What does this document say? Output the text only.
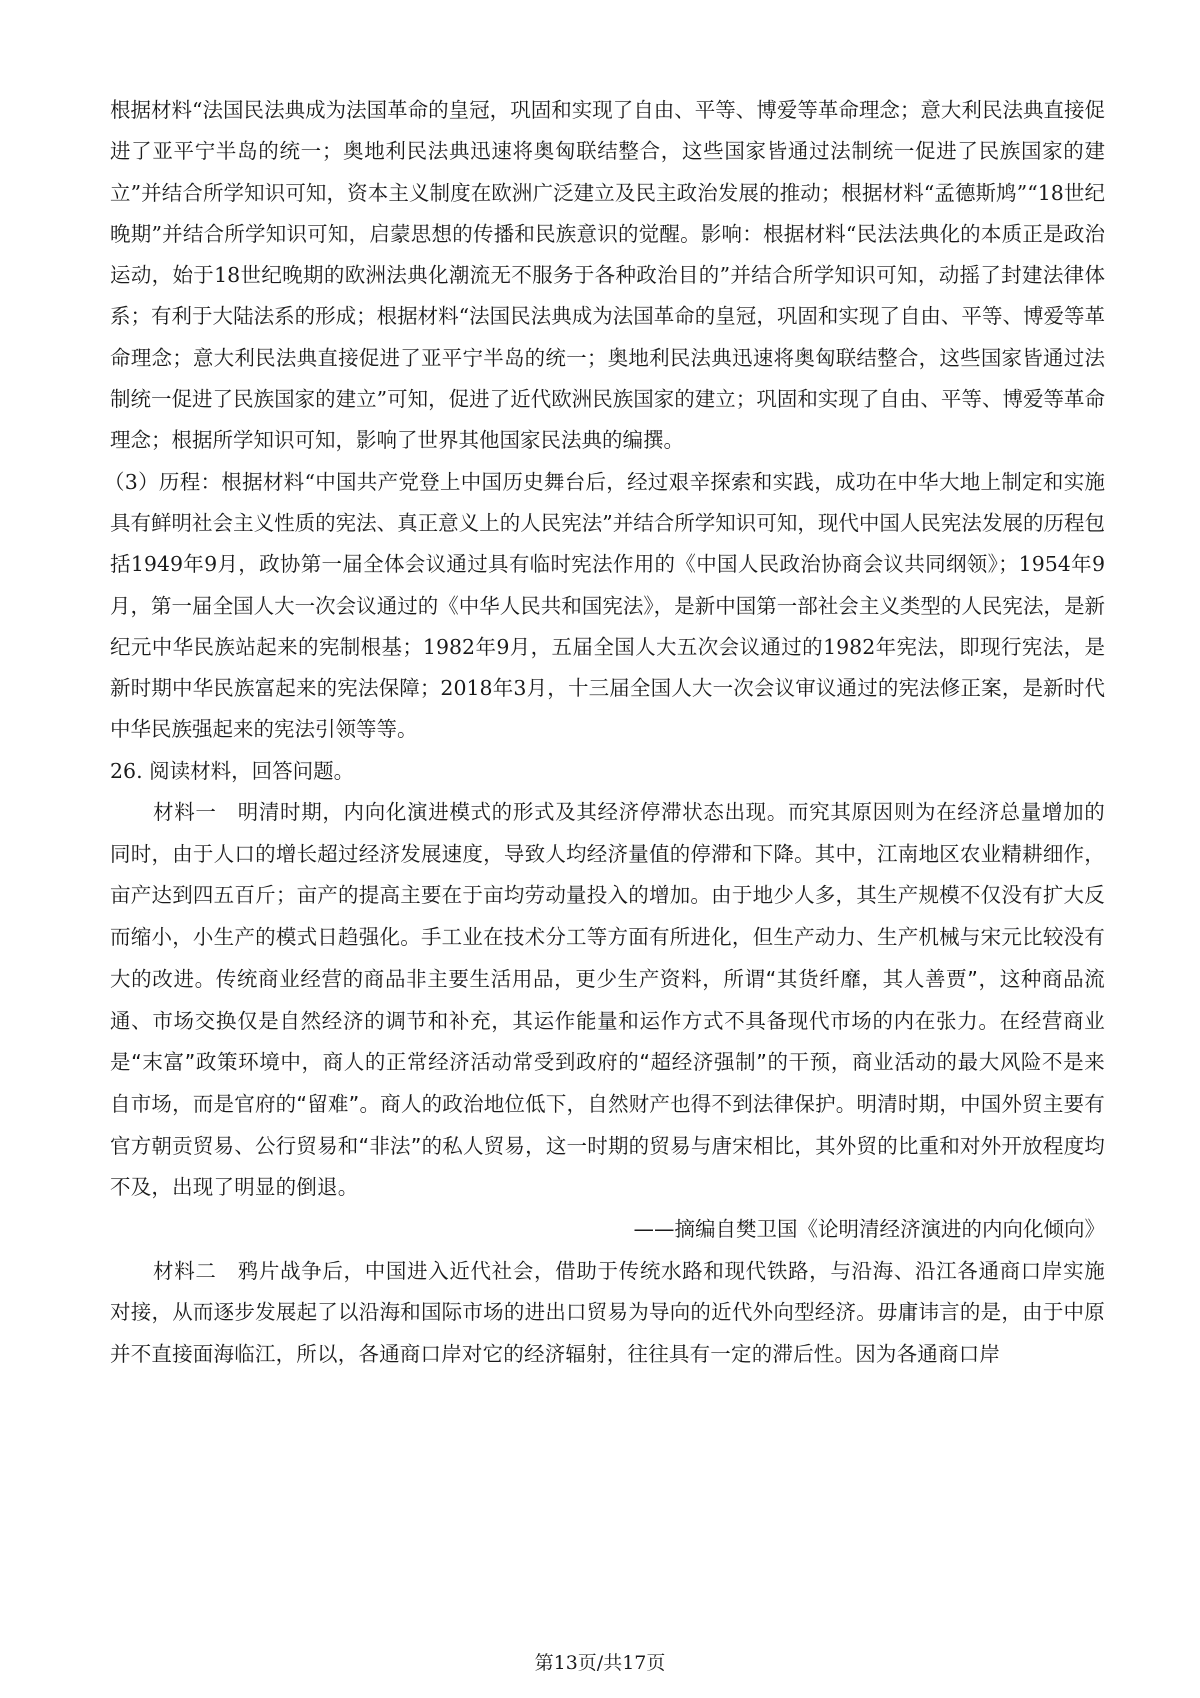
根据材料“法国民法典成为法国革命的皇冠，巩固和实现了自由、平等、博爱等革命理念；意大利民法典直接促进了亚平宁半岛的统一；奥地利民法典迅速将奥匈联结整合，这些国家皆通过法制统一促进了民族国家的建立”并结合所学知识可知，资本主义制度在欧洲广泛建立及民主政治发展的推动；根据材料“孟德斯鸠”“18世纪晚期”并结合所学知识可知，启蒙思想的传播和民族意识的觉醒。影响：根据材料“民法法典化的本质正是政治运动，始于18世纪晚期的欧洲法典化潮流无不服务于各种政治目的”并结合所学知识可知，动摇了封建法律体系；有利于大陆法系的形成；根据材料“法国民法典成为法国革命的皇冠，巩固和实现了自由、平等、博爱等革命理念；意大利民法典直接促进了亚平宁半岛的统一；奥地利民法典迅速将奥匈联结整合，这些国家皆通过法制统一促进了民族国家的建立”可知，促进了近代欧洲民族国家的建立；巩固和实现了自由、平等、博爱等革命理念；根据所学知识可知，影响了世界其他国家民法典的编撰。

（3）历程：根据材料“中国共产党登上中国历史舞台后，经过艰辛探索和实践，成功在中华大地上制定和实施具有鲜明社会主义性质的宪法、真正意义上的人民宪法”并结合所学知识可知，现代中国人民宪法发展的历程包括1949年9月，政协第一届全体会议通过具有临时宪法作用的《中国人民政治协商会议共同纲领》；1954年9月，第一届全国人大一次会议通过的《中华人民共和国宪法》，是新中国第一部社会主义类型的人民宪法，是新纪元中华民族站起来的宪制根基；1982年9月，五届全国人大五次会议通过的1982年宪法，即现行宪法，是新时期中华民族富起来的宪法保障；2018年3月，十三届全国人大一次会议审议通过的宪法修正案，是新时代中华民族强起来的宪法引领等等。

26. 阅读材料，回答问题。

材料一　明清时期，内向化演进模式的形式及其经济停滞状态出现。而究其原因则为在经济总量增加的同时，由于人口的增长超过经济发展速度，导致人均经济量值的停滞和下降。其中，江南地区农业精耕细作，亩产达到四五百斤；亩产的提高主要在于亩均劳动量投入的增加。由于地少人多，其生产规模不仅没有扩大反而缩小，小生产的模式日趋强化。手工业在技术分工等方面有所进化，但生产动力、生产机械与宋元比较没有大的改进。传统商业经营的商品非主要生活用品，更少生产资料，所谓“其货纤靡，其人善贾”，这种商品流通、市场交换仅是自然经济的调节和补充，其运作能量和运作方式不具备现代市场的内在张力。在经营商业是“末富”政策环境中，商人的正常经济活动常受到政府的“超经济强制”的干预，商业活动的最大风险不是来自市场，而是官府的“留难”。商人的政治地位低下，自然财产也得不到法律保护。明清时期，中国外贸主要有官方朝贡贸易、公行贸易和“非法”的私人贸易，这一时期的贸易与唐宋相比，其外贸的比重和对外开放程度均不及，出现了明显的倒退。

——摘编自樊卫国《论明清经济演进的内向化倾向》

材料二　鸦片战争后，中国进入近代社会，借助于传统水路和现代铁路，与沿海、沿江各通商口岸实施对接，从而逐步发展起了以沿海和国际市场的进出口贸易为导向的近代外向型经济。毋庸讳言的是，由于中原并不直接面海临江，所以，各通商口岸对它的经济辐射，往往具有一定的滞后性。因为各通商口岸

第13页/共17页
